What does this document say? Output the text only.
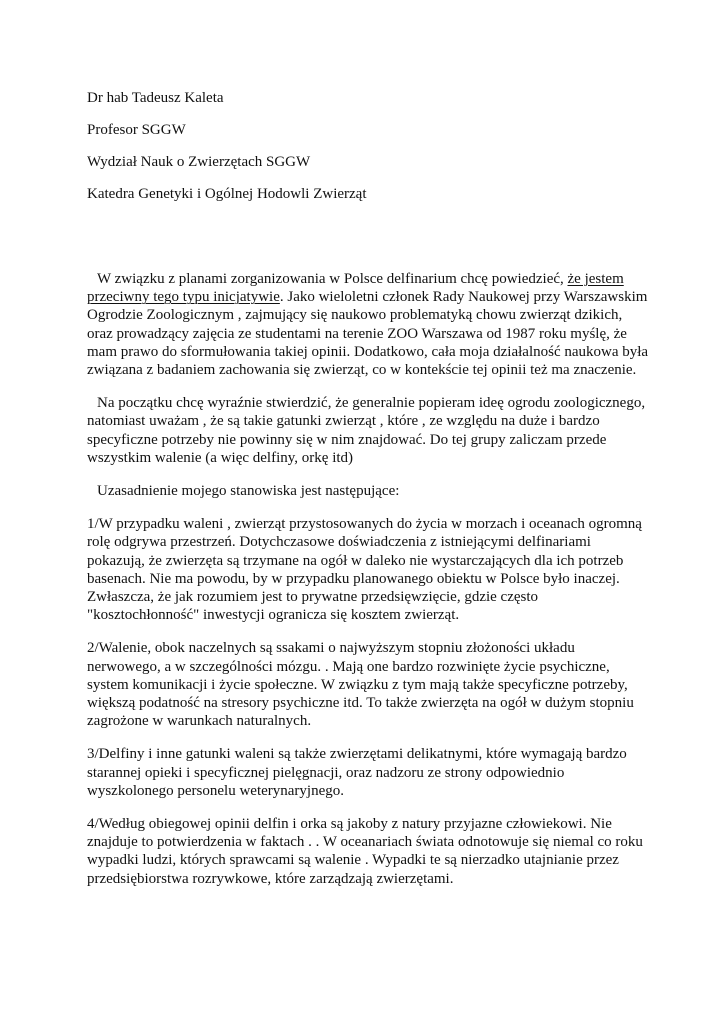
Dr hab Tadeusz Kaleta
Profesor SGGW
Wydział Nauk o Zwierzętach SGGW
Katedra Genetyki i Ogólnej Hodowli Zwierząt

W związku z planami zorganizowania w Polsce delfinarium chcę powiedzieć, że jestem przeciwny tego typu inicjatywie. Jako wieloletni członek Rady Naukowej przy Warszawskim Ogrodzie Zoologicznym , zajmujący się naukowo problematyką chowu zwierząt dzikich, oraz prowadzący zajęcia ze studentami na terenie ZOO Warszawa od 1987 roku myślę, że mam prawo do sformułowania takiej opinii. Dodatkowo, cała moja działalność naukowa była związana z badaniem zachowania się zwierząt, co w kontekście tej opinii też ma znaczenie.

Na początku chcę wyraźnie stwierdzić, że generalnie popieram ideę ogrodu zoologicznego, natomiast uważam , że są takie gatunki zwierząt , które , ze względu na duże i bardzo specyficzne potrzeby nie powinny się w nim znajdować. Do tej grupy zaliczam przede wszystkim walenie (a więc delfiny, orkę itd)

Uzasadnienie mojego stanowiska jest następujące:

1/W przypadku waleni , zwierząt przystosowanych do życia w morzach i oceanach ogromną rolę odgrywa przestrzeń. Dotychczasowe doświadczenia z istniejącymi delfinariami pokazują, że zwierzęta są trzymane na ogół w daleko nie wystarczających dla ich potrzeb basenach. Nie ma powodu, by w przypadku planowanego obiektu w Polsce było inaczej. Zwłaszcza, że jak rozumiem jest to prywatne przedsięwzięcie, gdzie często "kosztochłonność" inwestycji ogranicza się kosztem zwierząt.

2/Walenie, obok naczelnych są ssakami o najwyższym stopniu złożoności układu nerwowego, a w szczególności mózgu. . Mają one bardzo rozwinięte życie psychiczne, system komunikacji i życie społeczne. W związku z tym mają także specyficzne potrzeby, większą podatność na stresory psychiczne itd. To także zwierzęta na ogół w dużym stopniu zagrożone w warunkach naturalnych.

3/Delfiny i inne gatunki waleni są także zwierzętami delikatnymi, które wymagają bardzo starannej opieki i specyficznej pielęgnacji, oraz nadzoru ze strony odpowiednio wyszkolonego personelu weterynaryjnego.

4/Według obiegowej opinii delfin i orka są jakoby z natury przyjazne człowiekowi. Nie znajduje to potwierdzenia w faktach . . W oceanariach świata odnotowuje się niemal co roku wypadki ludzi, których sprawcami są walenie . Wypadki te są nierzadko utajnianie przez przedsiębiorstwa rozrywkowe, które zarządzają zwierzętami.
